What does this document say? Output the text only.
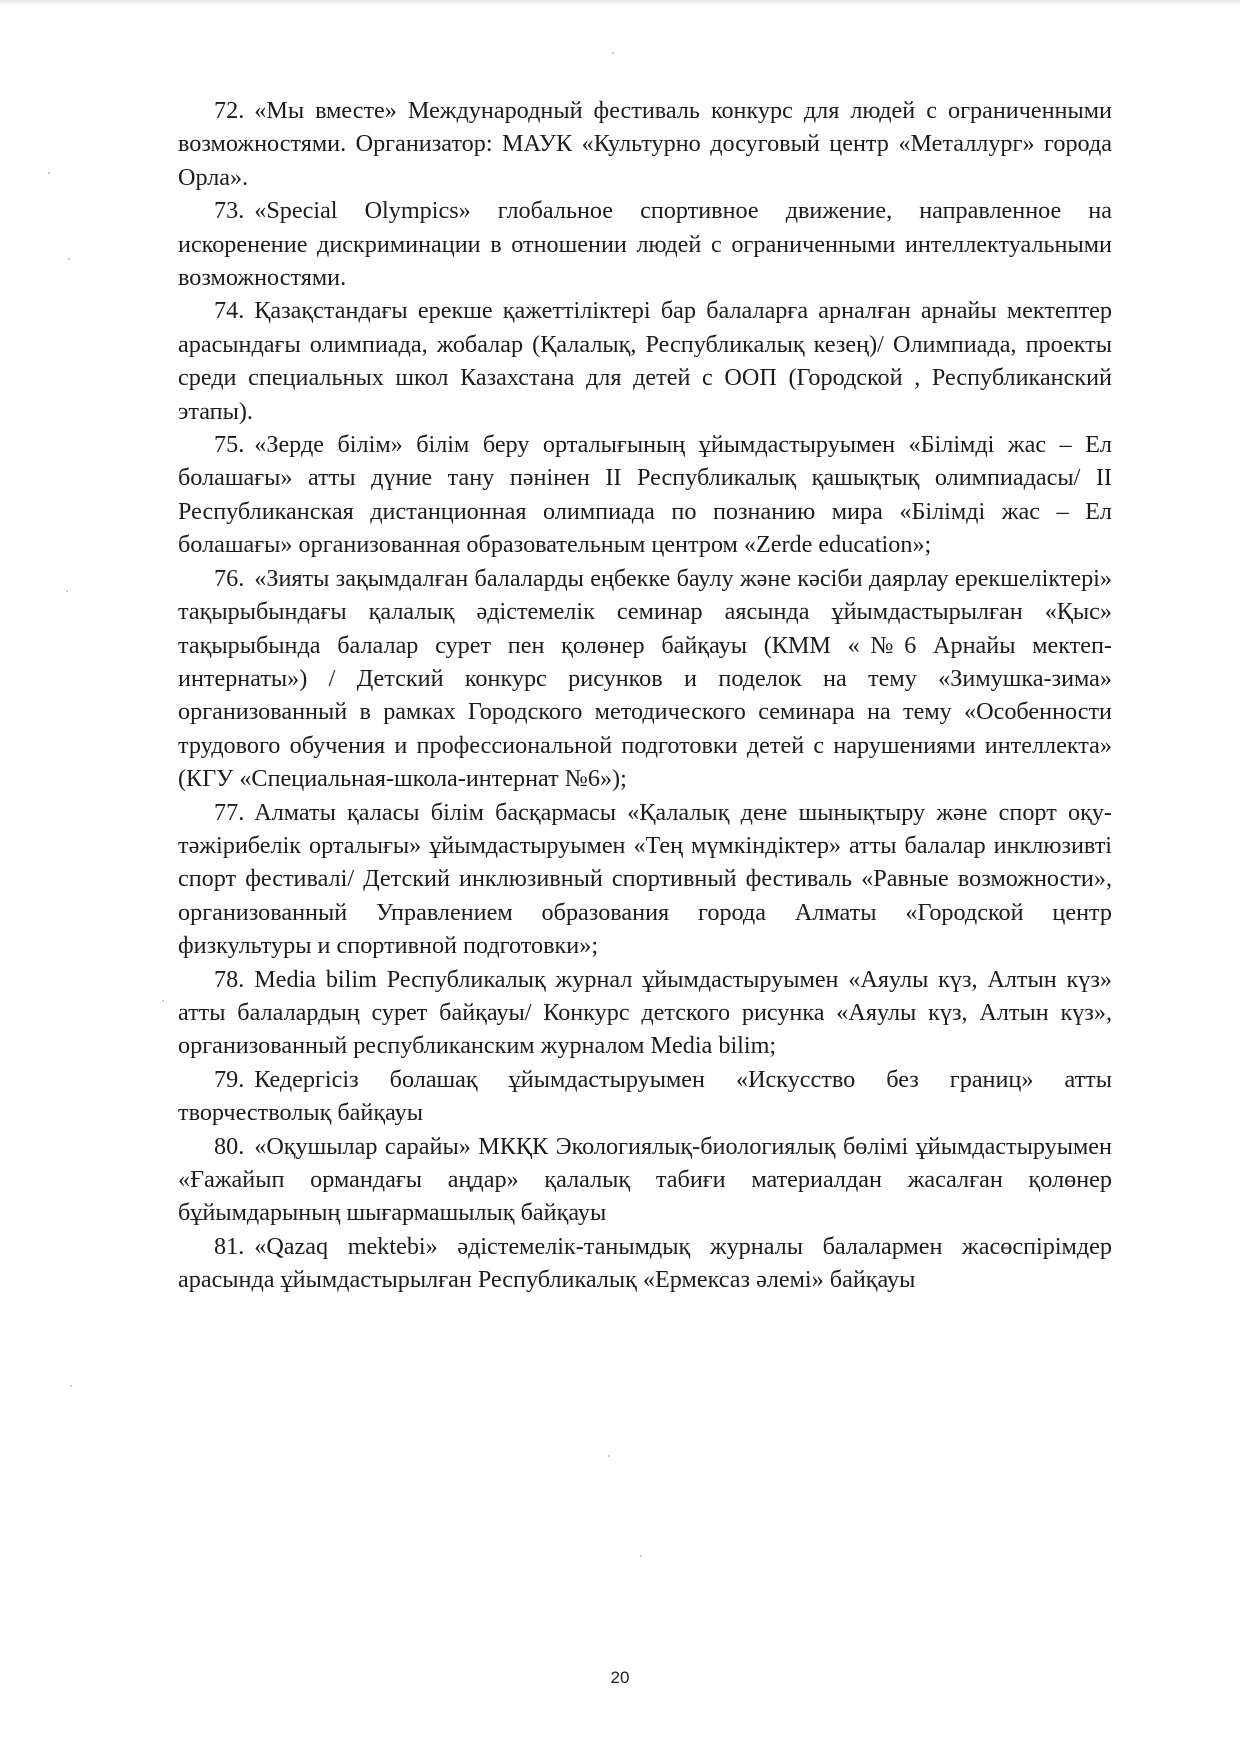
72. «Мы вместе» Международный фестиваль конкурс для людей с ограниченными возможностями. Организатор: МАУК «Культурно досуговый центр «Металлург» города Орла».

73. «Special Olympics» глобальное спортивное движение, направленное на искоренение дискриминации в отношении людей с ограниченными интеллектуальными возможностями.

74. Қазақстандағы ерекше қажеттіліктері бар балаларға арналған арнайы мектептер арасындағы олимпиада, жобалар (Қалалық, Республикалық кезең)/ Олимпиада, проекты среди специальных школ Казахстана для детей с ООП (Городской , Республиканский этапы).

75. «Зерде білім» білім беру орталығының ұйымдастыруымен «Білімді жас – Ел болашағы» атты дүние тану пәнінен II Республикалық қашықтық олимпиадасы/ II Республиканская дистанционная олимпиада по познанию мира «Білімді жас – Ел болашағы» организованная образовательным центром «Zerde education»;

76. «Зияты зақымдалған балаларды еңбекке баулу және кәсіби даярлау ерекшеліктері» тақырыбындағы қалалық әдістемелік семинар аясында ұйымдастырылған «Қыс» тақырыбында балалар сурет пен қолөнер байқауы (КММ «№6 Арнайы мектеп-интернаты») / Детский конкурс рисунков и поделок на тему «Зимушка-зима» организованный в рамках Городского методического семинара на тему «Особенности трудового обучения и профессиональной подготовки детей с нарушениями интеллекта» (КГУ «Специальная-школа-интернат №6»);

77. Алматы қаласы білім басқармасы «Қалалық дене шынықтыру және спорт оқу-тәжірибелік орталығы» ұйымдастыруымен «Тең мүмкіндіктер» атты балалар инклюзивті спорт фестивалі/ Детский инклюзивный спортивный фестиваль «Равные возможности», организованный Управлением образования города Алматы «Городской центр физкультуры и спортивной подготовки»;

78. Media bilim Республикалық журнал ұйымдастыруымен «Аяулы күз, Алтын күз» атты балалардың сурет байқауы/ Конкурс детского рисунка «Аяулы күз, Алтын күз», организованный республиканским журналом Media bilim;

79. Кедергісіз болашақ ұйымдастыруымен «Искусство без границ» атты творчестволық байқауы

80. «Оқушылар сарайы» МКҚК Экологиялық-биологиялық бөлімі ұйымдастыруымен «Ғажайып ормандағы аңдар» қалалық табиғи материалдан жасалған қолөнер бұйымдарының шығармашылық байқауы

81. «Qazaq mektebi» әдістемелік-танымдық журналы балалармен жасөспірімдер арасында ұйымдастырылған Республикалық «Ермексаз әлемі» байқауы

20
